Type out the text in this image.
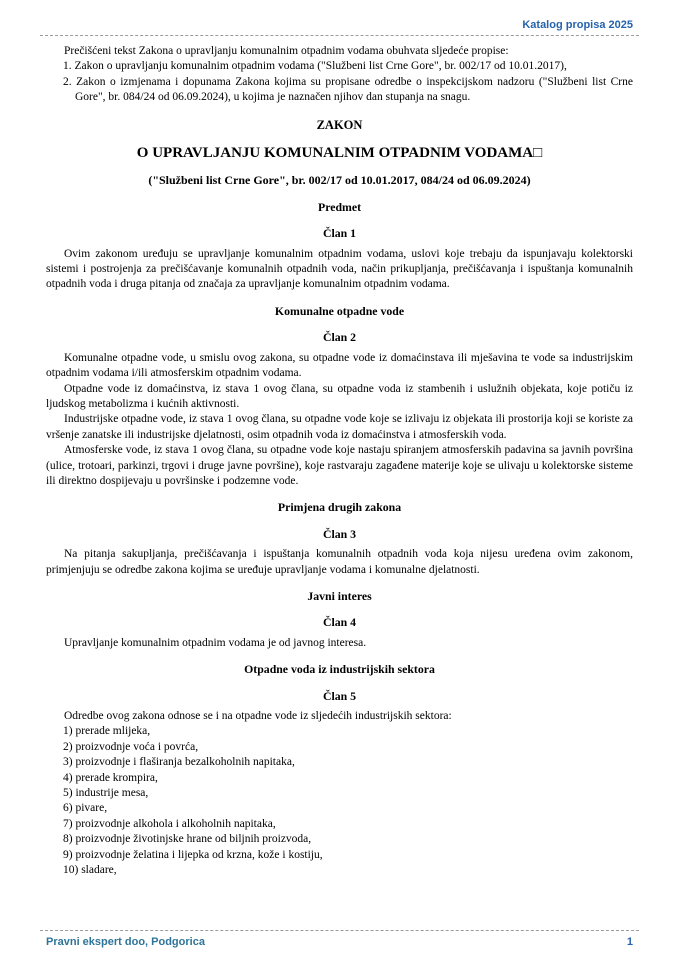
Katalog propisa 2025

Prečišćeni tekst Zakona o upravljanju komunalnim otpadnim vodama obuhvata sljedeće propise:

1. Zakon o upravljanju komunalnim otpadnim vodama ("Službeni list Crne Gore", br. 002/17 od 10.01.2017),

2. Zakon o izmjenama i dopunama Zakona kojima su propisane odredbe o inspekcijskom nadzoru ("Službeni list Crne Gore", br. 084/24 od 06.09.2024), u kojima je naznačen njihov dan stupanja na snagu.

ZAKON
O UPRAVLJANJU KOMUNALNIM OTPADNIM VODAMA□
("Službeni list Crne Gore", br. 002/17 od 10.01.2017, 084/24 od 06.09.2024)
Predmet
Član 1

Ovim zakonom uređuju se upravljanje komunalnim otpadnim vodama, uslovi koje trebaju da ispunjavaju kolektorski sistemi i postrojenja za prečišćavanje komunalnih otpadnih voda, način prikupljanja, prečišćavanja i ispuštanja komunalnih otpadnih voda i druga pitanja od značaja za upravljanje komunalnim otpadnim vodama.

Komunalne otpadne vode
Član 2

Komunalne otpadne vode, u smislu ovog zakona, su otpadne vode iz domaćinstava ili mješavina te vode sa industrijskim otpadnim vodama i/ili atmosferskim otpadnim vodama.

Otpadne vode iz domaćinstva, iz stava 1 ovog člana, su otpadne voda iz stambenih i uslužnih objekata, koje potiču iz ljudskog metabolizma i kućnih aktivnosti.

Industrijske otpadne vode, iz stava 1 ovog člana, su otpadne vode koje se izlivaju iz objekata ili prostorija koji se koriste za vršenje zanatske ili industrijske djelatnosti, osim otpadnih voda iz domaćinstva i atmosferskih voda.

Atmosferske vode, iz stava 1 ovog člana, su otpadne vode koje nastaju spiranjem atmosferskih padavina sa javnih površina (ulice, trotoari, parkinzi, trgovi i druge javne površine), koje rastvaraju zagađene materije koje se ulivaju u kolektorske sisteme ili direktno dospijevaju u površinske i podzemne vode.

Primjena drugih zakona
Član 3

Na pitanja sakupljanja, prečišćavanja i ispuštanja komunalnih otpadnih voda koja nijesu uređena ovim zakonom, primjenjuju se odredbe zakona kojima se uređuje upravljanje vodama i komunalne djelatnosti.

Javni interes
Član 4

Upravljanje komunalnim otpadnim vodama je od javnog interesa.

Otpadne voda iz industrijskih sektora
Član 5

Odredbe ovog zakona odnose se i na otpadne vode iz sljedećih industrijskih sektora:

1) prerade mlijeka,

2) proizvodnje voća i povrća,

3) proizvodnje i flaširanja bezalkoholnih napitaka,

4) prerade krompira,

5) industrije mesa,

6) pivare,

7) proizvodnje alkohola i alkoholnih napitaka,

8) proizvodnje životinjske hrane od biljnih proizvoda,

9) proizvodnje želatina i lijepka od krzna, kože i kostiju,

10) sladare,

Pravni ekspert doo, Podgorica	1
